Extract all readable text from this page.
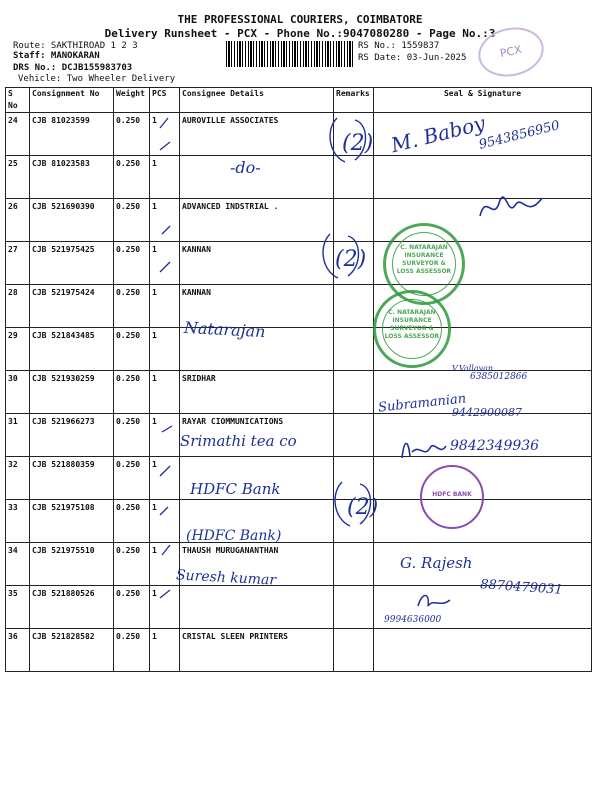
THE PROFESSIONAL COURIERS, COIMBATORE
Delivery Runsheet - PCX - Phone No.:9047080280 - Page No.:3
Route: SAKTHIROAD 1 2 3
Staff: MANOKARAN
DRS No.: DCJB155983703
Vehicle: Two Wheeler Delivery
RS No.: 1559837
RS Date: 03-Jun-2025	PCX
S No	Consignment No	Weight	PCS	Consignee Details	Remarks	Seal & Signature
24	CJB 81023599	0.250	1	AUROVILLE ASSOCIATES		
25	CJB 81023583	0.250	1			
26	CJB 521690390	0.250	1	ADVANCED INDSTRIAL .		
27	CJB 521975425	0.250	1	KANNAN		
28	CJB 521975424	0.250	1	KANNAN		
29	CJB 521843485	0.250	1			
30	CJB 521930259	0.250	1	SRIDHAR		
31	CJB 521966273	0.250	1	RAYAR CIOMMUNICATIONS		
32	CJB 521880359	0.250	1			
33	CJB 521975108	0.250	1			
34	CJB 521975510	0.250	1	THAUSH MURUGANANTHAN		
35	CJB 521880526	0.250	1			
36	CJB 521828582	0.250	1	CRISTAL SLEEN PRINTERS		
(2)
(2)
(2)
-do-
Natarajan
Srimathi tea co
HDFC Bank
(HDFC Bank)
Suresh kumar
M. Baboy
9543856950
V.Vallavan
6385012866
Subramanian
9442900087
9842349936
G. Rajesh
8870479031
9994636000
C. NATARAJAN INSURANCE SURVEYOR & LOSS ASSESSOR
C. NATARAJAN INSURANCE SURVEYOR & LOSS ASSESSOR
HDFC BANK
